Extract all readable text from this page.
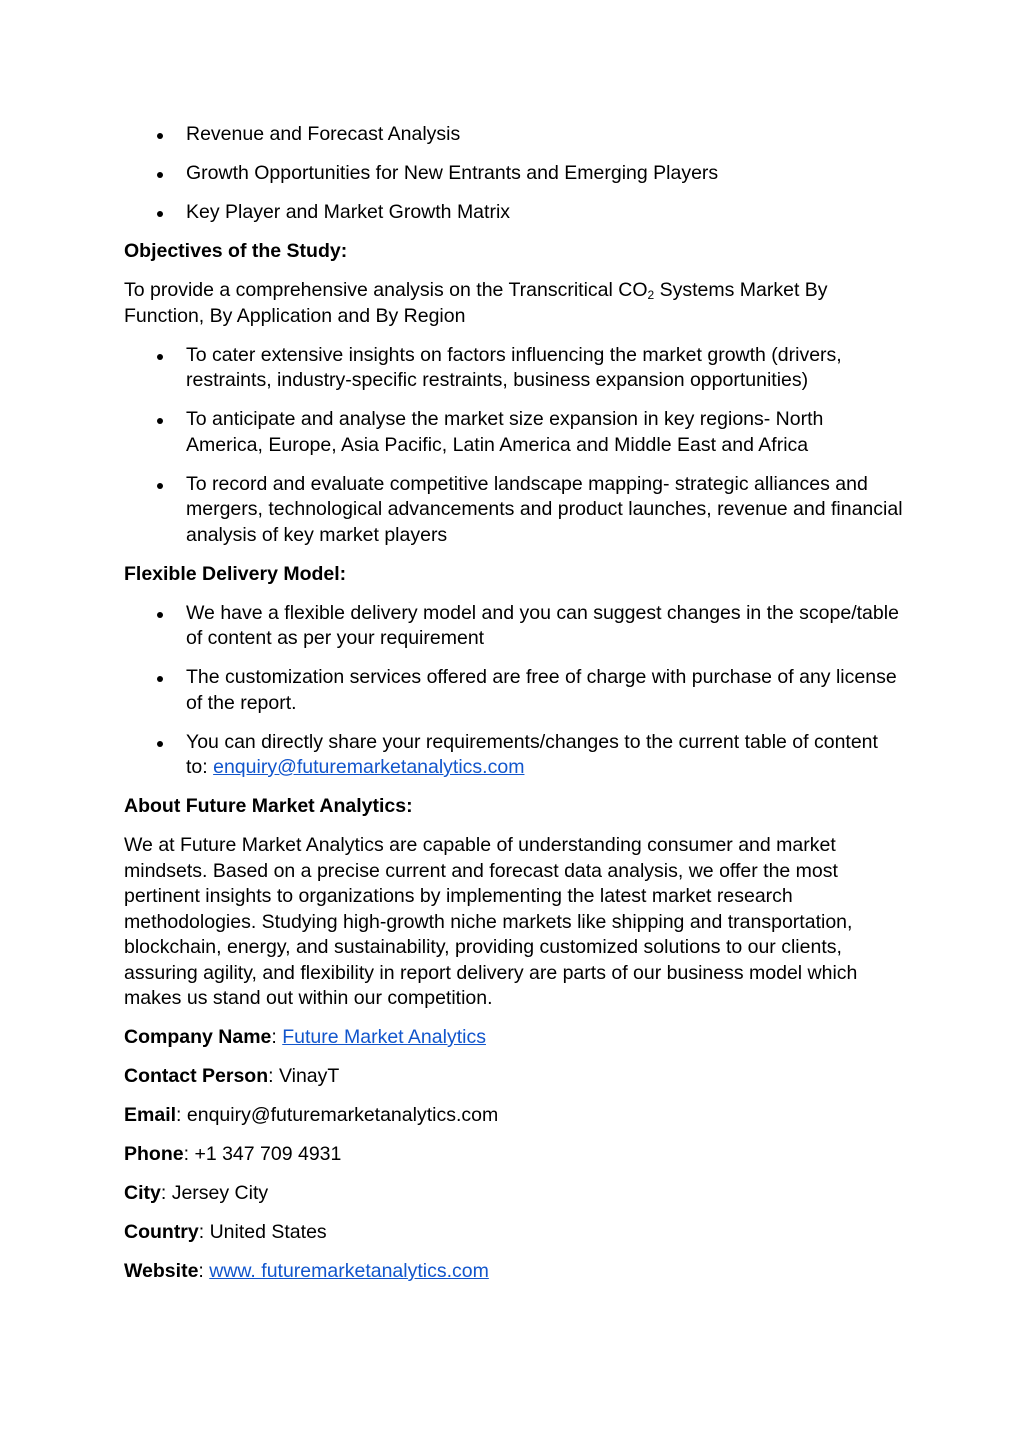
Revenue and Forecast Analysis
Growth Opportunities for New Entrants and Emerging Players
Key Player and Market Growth Matrix
Objectives of the Study:

To provide a comprehensive analysis on the Transcritical $CO_2$ Systems Market By Function, By Application and By Region

To cater extensive insights on factors influencing the market growth (drivers, restraints, industry-specific restraints, business expansion opportunities)
To anticipate and analyse the market size expansion in key regions- North America, Europe, Asia Pacific, Latin America and Middle East and Africa
To record and evaluate competitive landscape mapping- strategic alliances and mergers, technological advancements and product launches, revenue and financial analysis of key market players
Flexible Delivery Model:
We have a flexible delivery model and you can suggest changes in the scope/table of content as per your requirement
The customization services offered are free of charge with purchase of any license of the report.
You can directly share your requirements/changes to the current table of content to: enquiry@futuremarketanalytics.com
About Future Market Analytics:

We at Future Market Analytics are capable of understanding consumer and market mindsets. Based on a precise current and forecast data analysis, we offer the most pertinent insights to organizations by implementing the latest market research methodologies. Studying high-growth niche markets like shipping and transportation, blockchain, energy, and sustainability, providing customized solutions to our clients, assuring agility, and flexibility in report delivery are parts of our business model which makes us stand out within our competition.

Company Name: Future Market Analytics
Contact Person: VinayT
Email: enquiry@futuremarketanalytics.com
Phone: +1 347 709 4931
City: Jersey City
Country: United States
Website: www. futuremarketanalytics.com
